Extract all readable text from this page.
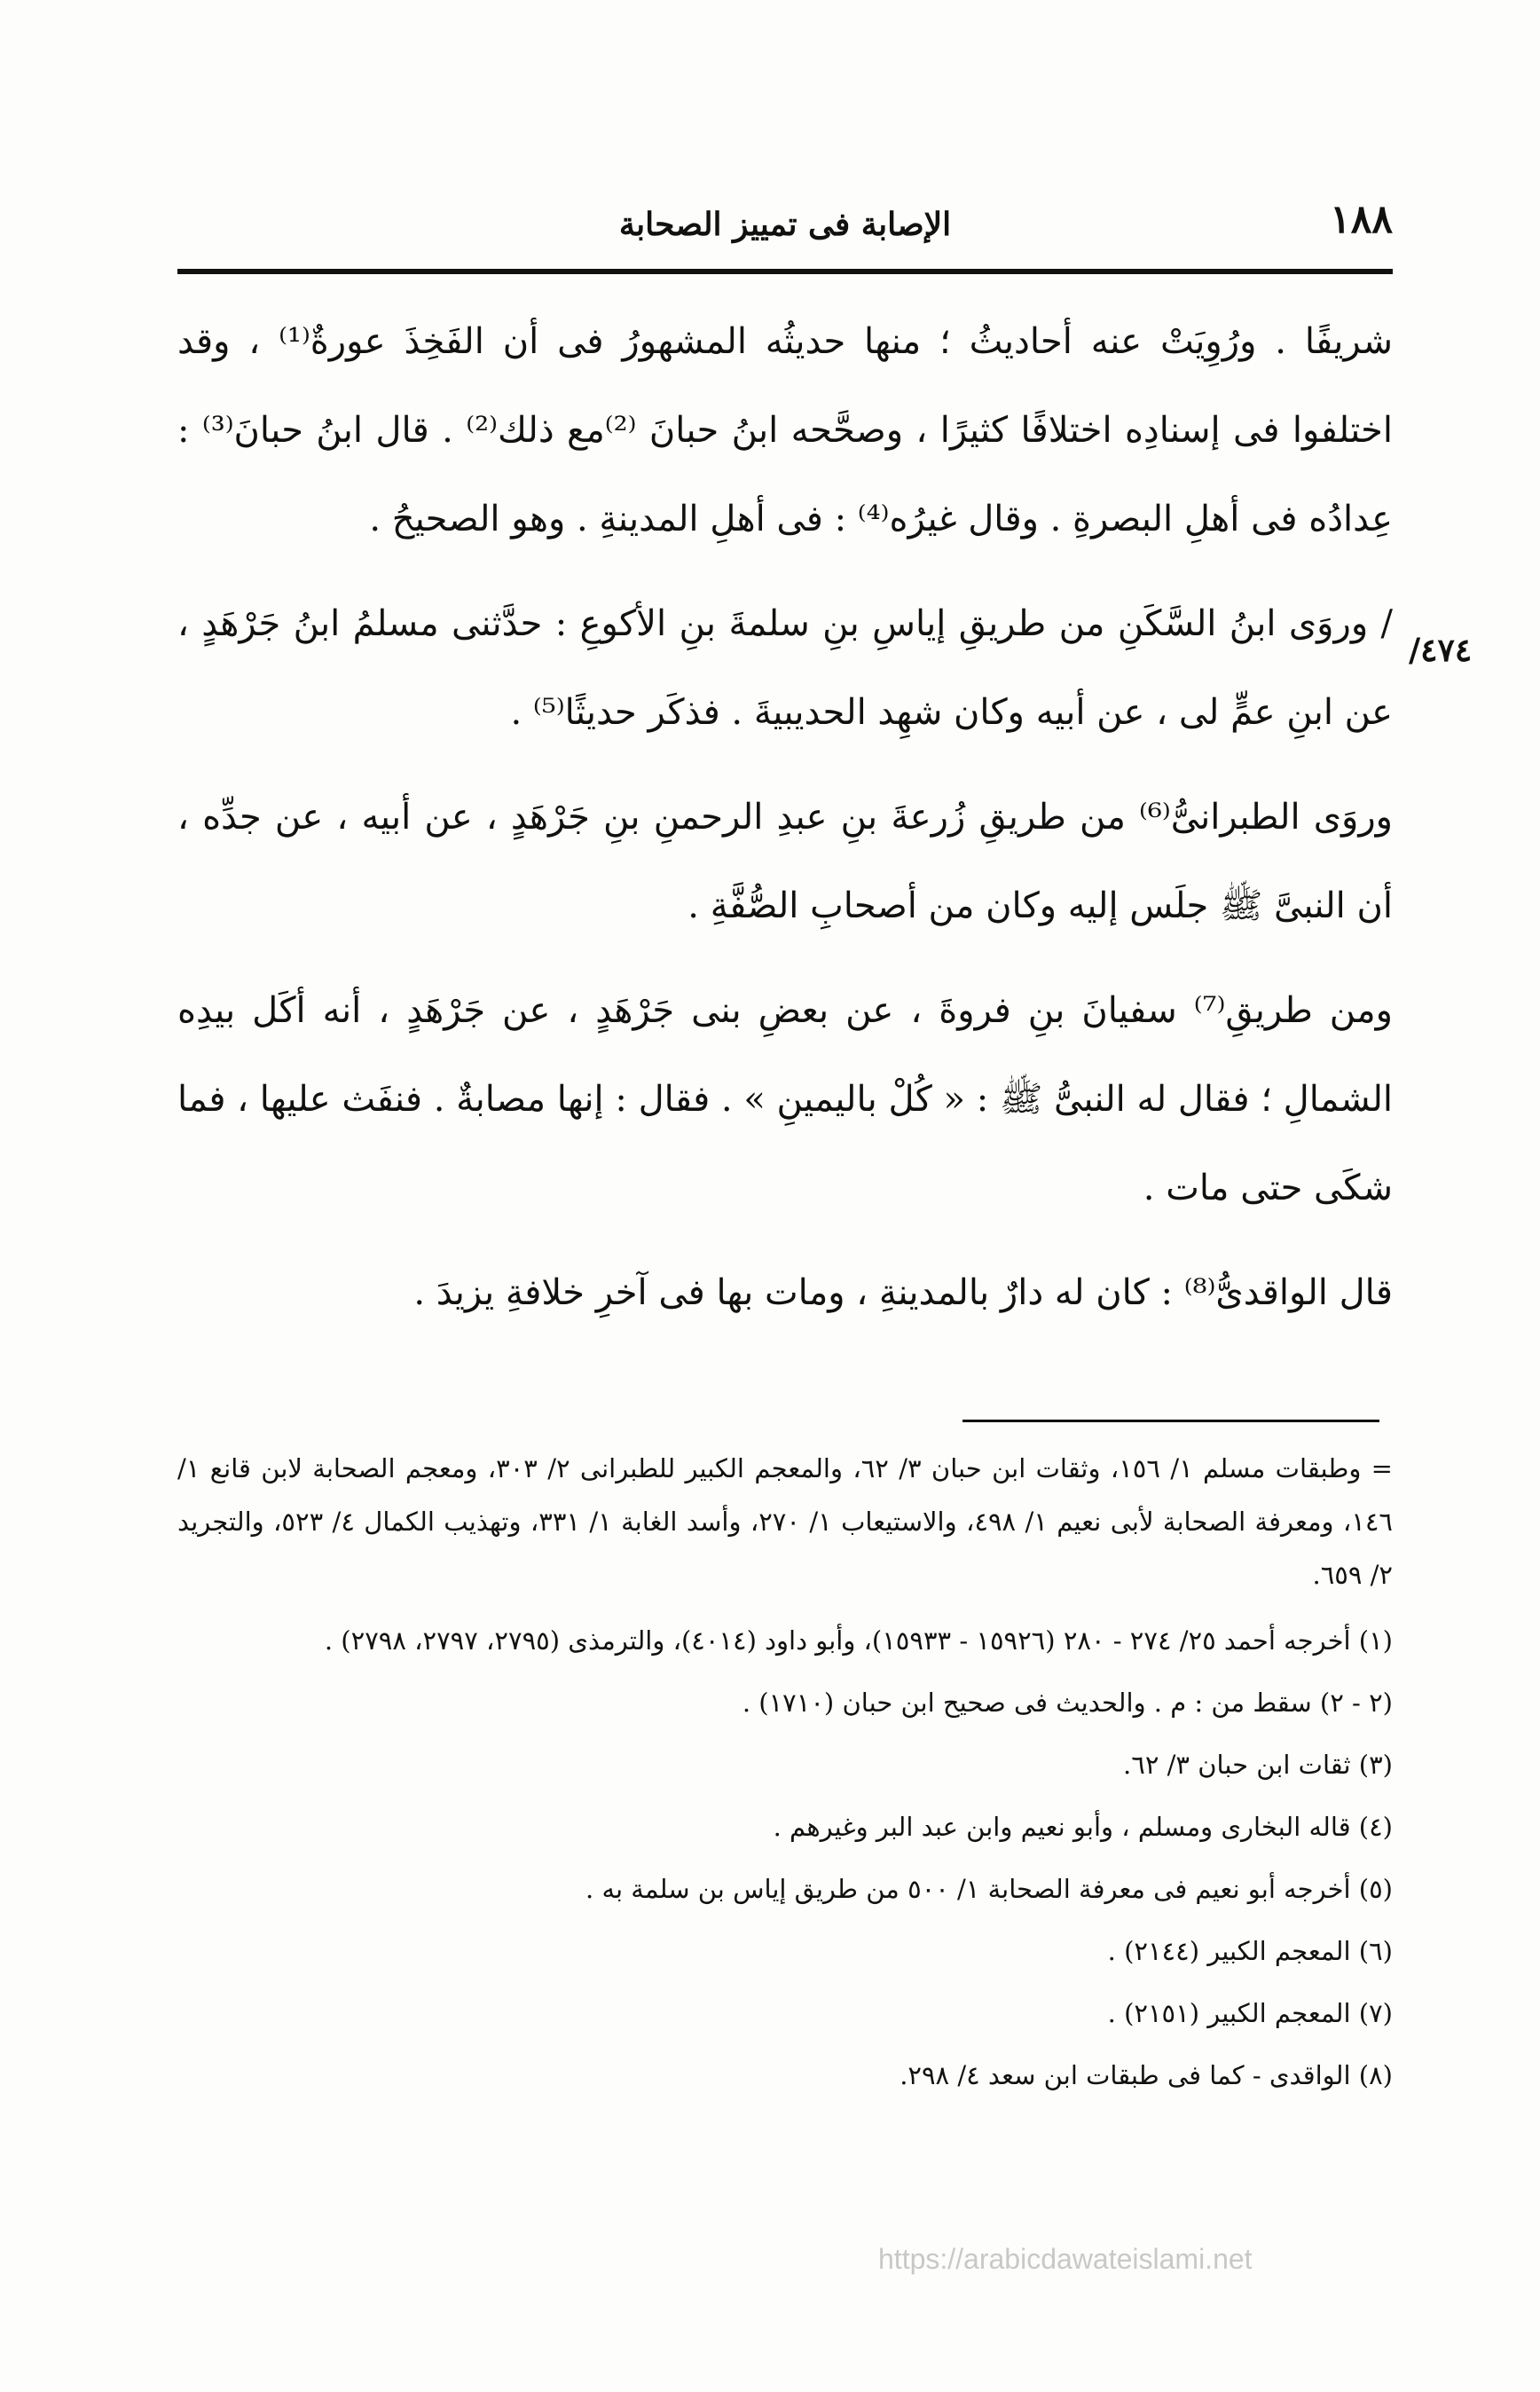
١٨٨
الإصابة فى تمييز الصحابة
٤٧٤/

شريفًا . ورُوِيَتْ عنه أحاديثُ ؛ منها حديثُه المشهورُ فى أن الفَخِذَ عورةٌ⁽¹⁾ ، وقد اختلفوا فى إسنادِه اختلافًا كثيرًا ، وصحَّحه ابنُ حبانَ ⁽²⁾مع ذلك⁽²⁾ . قال ابنُ حبانَ⁽³⁾ : عِدادُه فى أهلِ البصرةِ . وقال غيرُه⁽⁴⁾ : فى أهلِ المدينةِ . وهو الصحيحُ .

/ وروَى ابنُ السَّكَنِ من طريقِ إياسِ بنِ سلمةَ بنِ الأكوعِ : حدَّثنى مسلمُ ابنُ جَرْهَدٍ ، عن ابنِ عمٍّ لى ، عن أبيه وكان شهِد الحديبيةَ . فذكَر حديثًا⁽⁵⁾ .

وروَى الطبرانىُّ⁽⁶⁾ من طريقِ زُرعةَ بنِ عبدِ الرحمنِ بنِ جَرْهَدٍ ، عن أبيه ، عن جدِّه ، أن النبىَّ ﷺ جلَس إليه وكان من أصحابِ الصُّفَّةِ .

ومن طريقِ⁽⁷⁾ سفيانَ بنِ فروةَ ، عن بعضِ بنى جَرْهَدٍ ، عن جَرْهَدٍ ، أنه أكَل بيدِه الشمالِ ؛ فقال له النبىُّ ﷺ : « كُلْ باليمينِ » . فقال : إنها مصابةٌ . فنفَث عليها ، فما شكَى حتى مات .

قال الواقدىُّ⁽⁸⁾ : كان له دارٌ بالمدينةِ ، ومات بها فى آخرِ خلافةِ يزيدَ .

= وطبقات مسلم ١/ ١٥٦، وثقات ابن حبان ٣/ ٦٢، والمعجم الكبير للطبرانى ٢/ ٣٠٣، ومعجم الصحابة لابن قانع ١/ ١٤٦، ومعرفة الصحابة لأبى نعيم ١/ ٤٩٨، والاستيعاب ١/ ٢٧٠، وأسد الغابة ١/ ٣٣١، وتهذيب الكمال ٤/ ٥٢٣، والتجريد ٢/ ٦٥٩.

(١) أخرجه أحمد ٢٥/ ٢٧٤ - ٢٨٠ (١٥٩٢٦ - ١٥٩٣٣)، وأبو داود (٤٠١٤)، والترمذى (٢٧٩٥، ٢٧٩٧، ٢٧٩٨) .

(٢ - ٢) سقط من : م . والحديث فى صحيح ابن حبان (١٧١٠) .

(٣) ثقات ابن حبان ٣/ ٦٢.

(٤) قاله البخارى ومسلم ، وأبو نعيم وابن عبد البر وغيرهم .

(٥) أخرجه أبو نعيم فى معرفة الصحابة ١/ ٥٠٠ من طريق إياس بن سلمة به .

(٦) المعجم الكبير (٢١٤٤) .

(٧) المعجم الكبير (٢١٥١) .

(٨) الواقدى - كما فى طبقات ابن سعد ٤/ ٢٩٨.

https://arabicdawateislami.net
